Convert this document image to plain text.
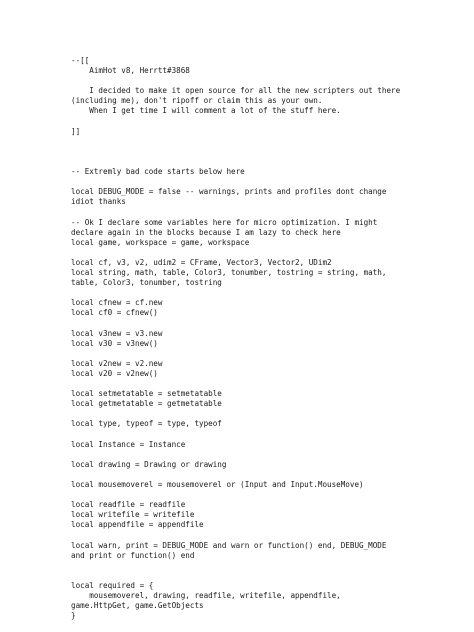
--[[
AimHot v8, Herrtt#3868
I decided to make it open source for all the new scripters out there
(including me), don't ripoff or claim this as your own.
When I get time I will comment a lot of the stuff here.
]]
-- Extremly bad code starts below here
local DEBUG_MODE = false -- warnings, prints and profiles dont change
idiot thanks
-- Ok I declare some variables here for micro optimization. I might
declare again in the blocks because I am lazy to check here
local game, workspace = game, workspace
local cf, v3, v2, udim2 = CFrame, Vector3, Vector2, UDim2
local string, math, table, Color3, tonumber, tostring = string, math,
table, Color3, tonumber, tostring
local cfnew = cf.new
local cf0 = cfnew()
local v3new = v3.new
local v30 = v3new()
local v2new = v2.new
local v20 = v2new()
local setmetatable = setmetatable
local getmetatable = getmetatable
local type, typeof = type, typeof
local Instance = Instance
local drawing = Drawing or drawing
local mousemoverel = mousemoverel or (Input and Input.MouseMove)
local readfile = readfile
local writefile = writefile
local appendfile = appendfile
local warn, print = DEBUG_MODE and warn or function() end, DEBUG_MODE
and print or function() end
local required = {
mousemoverel, drawing, readfile, writefile, appendfile,
game.HttpGet, game.GetObjects
}
